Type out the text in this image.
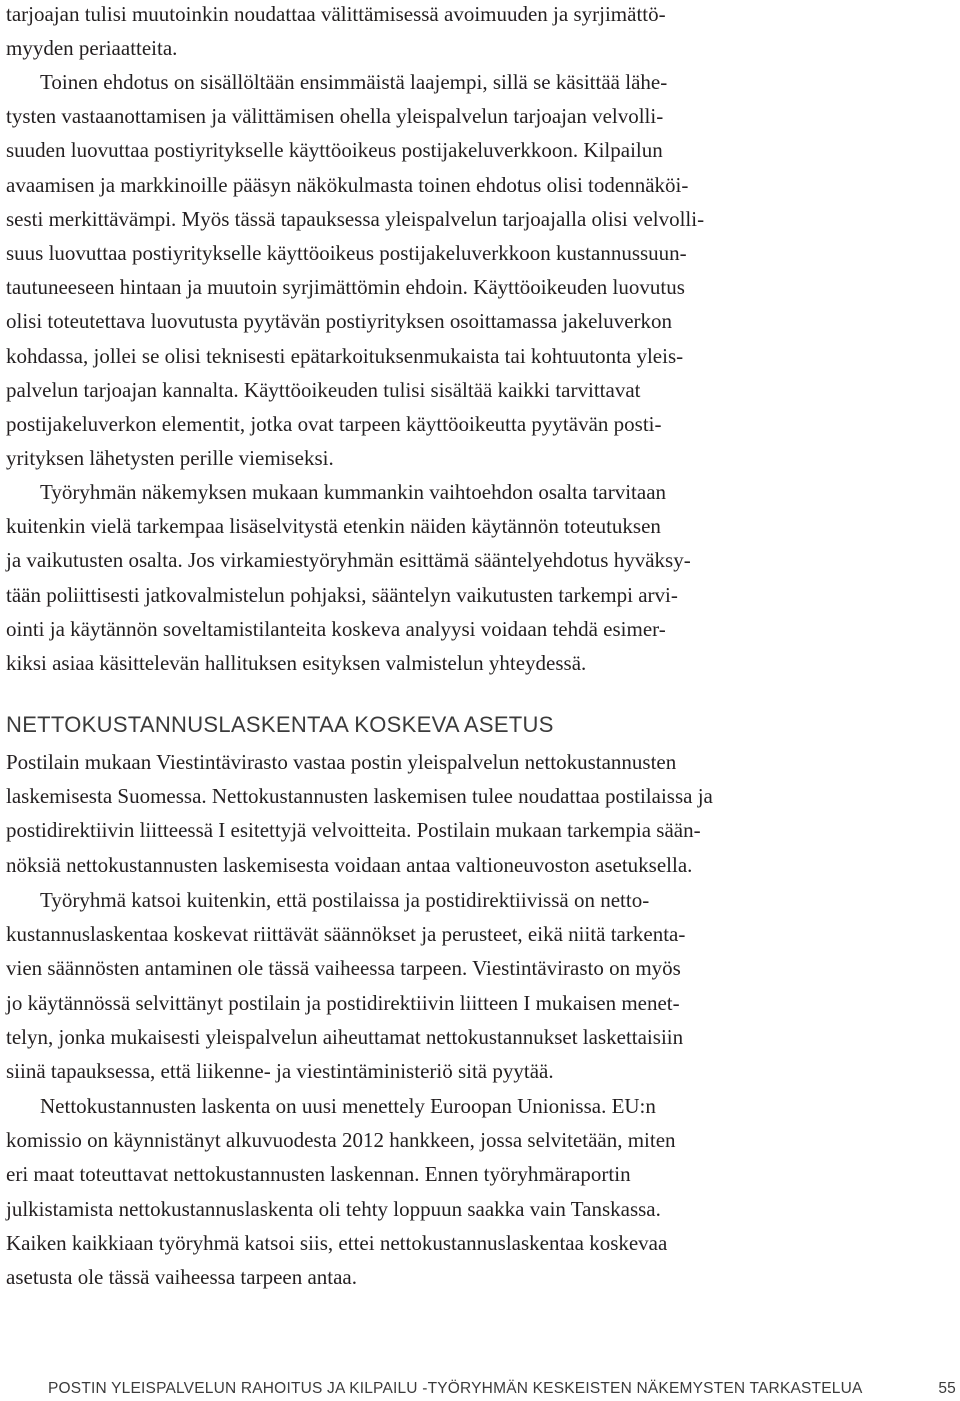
tarjoajan tulisi muutoinkin noudattaa välittämisessä avoimuuden ja syrjimättö-
myyden periaatteita.

Toinen ehdotus on sisällöltään ensimmäistä laajempi, sillä se käsittää lähe-
tysten vastaanottamisen ja välittämisen ohella yleispalvelun tarjoajan velvolli-
suuden luovuttaa postiyritykselle käyttöoikeus postijakeluverkkoon. Kilpailun
avaamisen ja markkinoille pääsyn näkökulmasta toinen ehdotus olisi todennäköi-
sesti merkittävämpi. Myös tässä tapauksessa yleispalvelun tarjoajalla olisi velvolli-
suus luovuttaa postiyritykselle käyttöoikeus postijakeluverkkoon kustannussuun-
tautuneeseen hintaan ja muutoin syrjimättömin ehdoin. Käyttöoikeuden luovutus
olisi toteutettava luovutusta pyytävän postiyrityksen osoittamassa jakeluverkon
kohdassa, jollei se olisi teknisesti epätarkoituksenmukaista tai kohtuutonta yleis-
palvelun tarjoajan kannalta. Käyttöoikeuden tulisi sisältää kaikki tarvittavat
postijakeluverkon elementit, jotka ovat tarpeen käyttöoikeutta pyytävän posti-
yrityksen lähetysten perille viemiseksi.

Työryhmän näkemyksen mukaan kummankin vaihtoehdon osalta tarvitaan
kuitenkin vielä tarkempaa lisäselvitystä etenkin näiden käytännön toteutuksen
ja vaikutusten osalta. Jos virkamiestyöryhmän esittämä sääntelyehdotus hyväksy-
tään poliittisesti jatkovalmistelun pohjaksi, sääntelyn vaikutusten tarkempi arvi-
ointi ja käytännön soveltamistilanteita koskeva analyysi voidaan tehdä esimer-
kiksi asiaa käsittelevän hallituksen esityksen valmistelun yhteydessä.

Postilain mukaan Viestintävirasto vastaa postin yleispalvelun nettokustannusten
laskemisesta Suomessa. Nettokustannusten laskemisen tulee noudattaa postilaissa ja
postidirektiivin liitteessä I esitettyjä velvoitteita. Postilain mukaan tarkempia sään-
nöksiä nettokustannusten laskemisesta voidaan antaa valtioneuvoston asetuksella.

Työryhmä katsoi kuitenkin, että postilaissa ja postidirektiivissä on netto-
kustannuslaskentaa koskevat riittävät säännökset ja perusteet, eikä niitä tarkenta-
vien säännösten antaminen ole tässä vaiheessa tarpeen. Viestintävirasto on myös
jo käytännössä selvittänyt postilain ja postidirektiivin liitteen I mukaisen menet-
telyn, jonka mukaisesti yleispalvelun aiheuttamat nettokustannukset laskettaisiin
siinä tapauksessa, että liikenne- ja viestintäministeriö sitä pyytää.

Nettokustannusten laskenta on uusi menettely Euroopan Unionissa. EU:n
komissio on käynnistänyt alkuvuodesta 2012 hankkeen, jossa selvitetään, miten
eri maat toteuttavat nettokustannusten laskennan. Ennen työryhmäraportin
julkistamista nettokustannuslaskenta oli tehty loppuun saakka vain Tanskassa.
Kaiken kaikkiaan työryhmä katsoi siis, ettei nettokustannuslaskentaa koskevaa
asetusta ole tässä vaiheessa tarpeen antaa.

NETTOKUSTANNUSLASKENTAA KOSKEVA ASETUS
POSTIN YLEISPALVELUN RAHOITUS JA KILPAILU -TYÖRYHMÄN KESKEISTEN NÄKEMYSTEN TARKASTELUA	55
